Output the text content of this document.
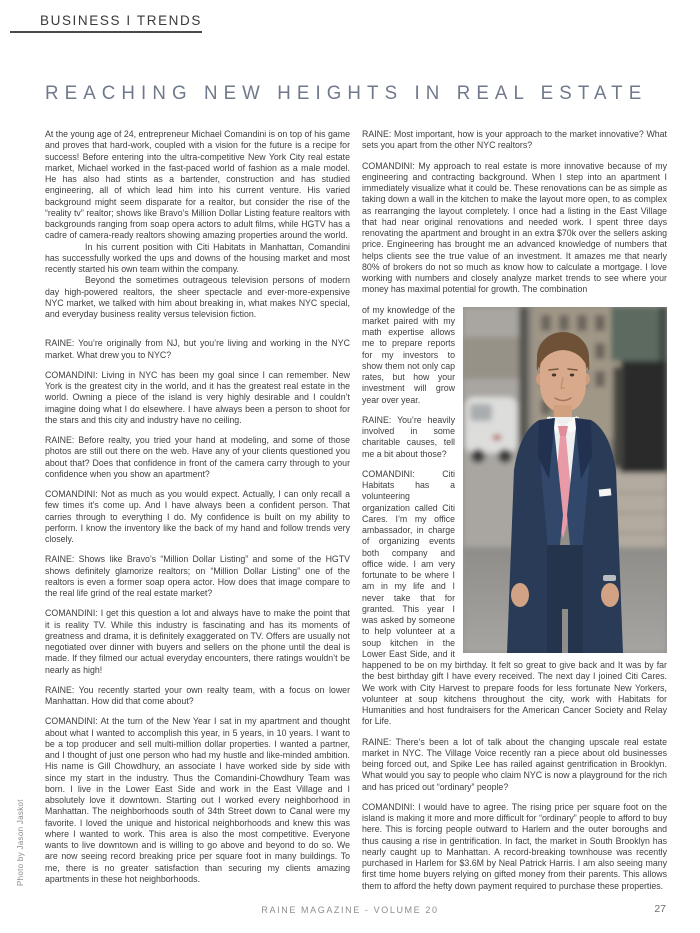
BUSINESS I TRENDS
REACHING NEW HEIGHTS IN REAL ESTATE

At the young age of 24, entrepreneur Michael Comandini is on top of his game and proves that hard-work, coupled with a vision for the future is a recipe for success! Before entering into the ultra-competitive New York City real estate market, Michael worked in the fast-paced world of fashion as a male model. He has also had stints as a bartender, construction and has studied engineering, all of which lead him into his current venture. His varied background might seem disparate for a realtor, but consider the rise of the “reality tv” realtor; shows like Bravo’s Million Dollar Listing feature realtors with backgrounds ranging from soap opera actors to adult films, while HGTV has a cadre of camera-ready realtors showing amazing properties around the world.

In his current position with Citi Habitats in Manhattan, Comandini has successfully worked the ups and downs of the housing market and most recently started his own team within the company.

Beyond the sometimes outrageous television persons of modern day high-powered realtors, the sheer spectacle and ever-more-expensive NYC market, we talked with him about breaking in, what makes NYC special, and everyday business reality versus television fiction.

RAINE: You’re originally from NJ, but you’re living and working in the NYC market. What drew you to NYC?

COMANDINI: Living in NYC has been my goal since I can remember. New York is the greatest city in the world, and it has the greatest real estate in the world. Owning a piece of the island is very highly desirable and I couldn’t imagine doing what I do elsewhere. I have always been a person to shoot for the stars and this city and industry have no ceiling.

RAINE: Before realty, you tried your hand at modeling, and some of those photos are still out there on the web. Have any of your clients questioned you about that? Does that confidence in front of the camera carry through to your confidence when you show an apartment?

COMANDINI: Not as much as you would expect. Actually, I can only recall a few times it’s come up. And I have always been a confident person. That carries through to everything I do. My confidence is built on my ability to perform. I know the inventory like the back of my hand and follow trends very closely.

RAINE: Shows like Bravo’s “Million Dollar Listing” and some of the HGTV shows definitely glamorize realtors; on “Million Dollar Listing” one of the realtors is even a former soap opera actor. How does that image compare to the real life grind of the real estate market?

COMANDINI: I get this question a lot and always have to make the point that it is reality TV. While this industry is fascinating and has its moments of greatness and drama, it is definitely exaggerated on TV. Offers are usually not negotiated over dinner with buyers and sellers on the phone until the deal is made. If they filmed our actual everyday encounters, there ratings wouldn’t be nearly as high!

RAINE: You recently started your own realty team, with a focus on lower Manhattan. How did that come about?

COMANDINI: At the turn of the New Year I sat in my apartment and thought about what I wanted to accomplish this year, in 5 years, in 10 years. I want to be a top producer and sell multi-million dollar properties. I wanted a partner, and I thought of just one person who had my hustle and like-minded ambition. His name is Gill Chowdhury, an associate I have worked side by side with since my start in the industry. Thus the Comandini-Chowdhury Team was born. I live in the Lower East Side and work in the East Village and I absolutely love it downtown. Starting out I worked every neighborhood in Manhattan. The neighborhoods south of 34th Street down to Canal were my favorite. I loved the unique and historical neighborhoods and knew this was where I wanted to work. This area is also the most competitive. Everyone wants to live downtown and is willing to go above and beyond to do so. We are now seeing record breaking price per square foot in many buildings. To me, there is no greater satisfaction than securing my clients amazing apartments in these hot neighborhoods.

RAINE: Most important, how is your approach to the market innovative? What sets you apart from the other NYC realtors?

COMANDINI: My approach to real estate is more innovative because of my engineering and contracting background. When I step into an apartment I immediately visualize what it could be. These renovations can be as simple as taking down a wall in the kitchen to make the layout more open, to as complex as rearranging the layout completely. I once had a listing in the East Village that had near original renovations and needed work. I spent three days renovating the apartment and brought in an extra $70k over the sellers asking price. Engineering has brought me an advanced knowledge of numbers that helps clients see the true value of an investment. It amazes me that nearly 80% of brokers do not so much as know how to calculate a mortgage. I love working with numbers and closely analyze market trends to see where your money has maximal potential for growth. The combination

of my knowledge of the market paired with my math expertise allows me to prepare reports for my investors to show them not only cap rates, but how your investment will grow year over year.

RAINE: You’re heavily involved in some charitable causes, tell me a bit about those?

COMANDINI: Citi Habitats has a volunteering organization called Citi Cares. I’m my office ambassador, in charge of organizing events both company and office wide. I am very fortunate to be where I am in my life and I never take that for granted. This year I was asked by someone to help volunteer at a soup kitchen in the Lower East Side, and it happened to be on my birthday. It felt so great to give back and It was by far the best birthday gift I have every received. The next day I joined Citi Cares. We work with City Harvest to prepare foods for less fortunate New Yorkers, volunteer at soup kitchens throughout the city, work with Habitats for Humanities and host fundraisers for the American Cancer Society and Relay for Life.

RAINE: There’s been a lot of talk about the changing upscale real estate market in NYC. The Village Voice recently ran a piece about old businesses being forced out, and Spike Lee has railed against gentrification in Brooklyn. What would you say to people who claim NYC is now a playground for the rich and has priced out “ordinary” people?

COMANDINI: I would have to agree. The rising price per square foot on the island is making it more and more difficult for “ordinary” people to afford to buy here. This is forcing people outward to Harlem and the outer boroughs and thus causing a rise in gentrification. In fact, the market in South Brooklyn has nearly caught up to Manhattan. A record-breaking townhouse was recently purchased in Harlem for $3.6M by Neal Patrick Harris. I am also seeing many first time home buyers relying on gifted money from their parents. This allows them to afford the hefty down payment required to purchase these properties.

Photo by Jason Jaskot
RAINE MAGAZINE - VOLUME 20	27
